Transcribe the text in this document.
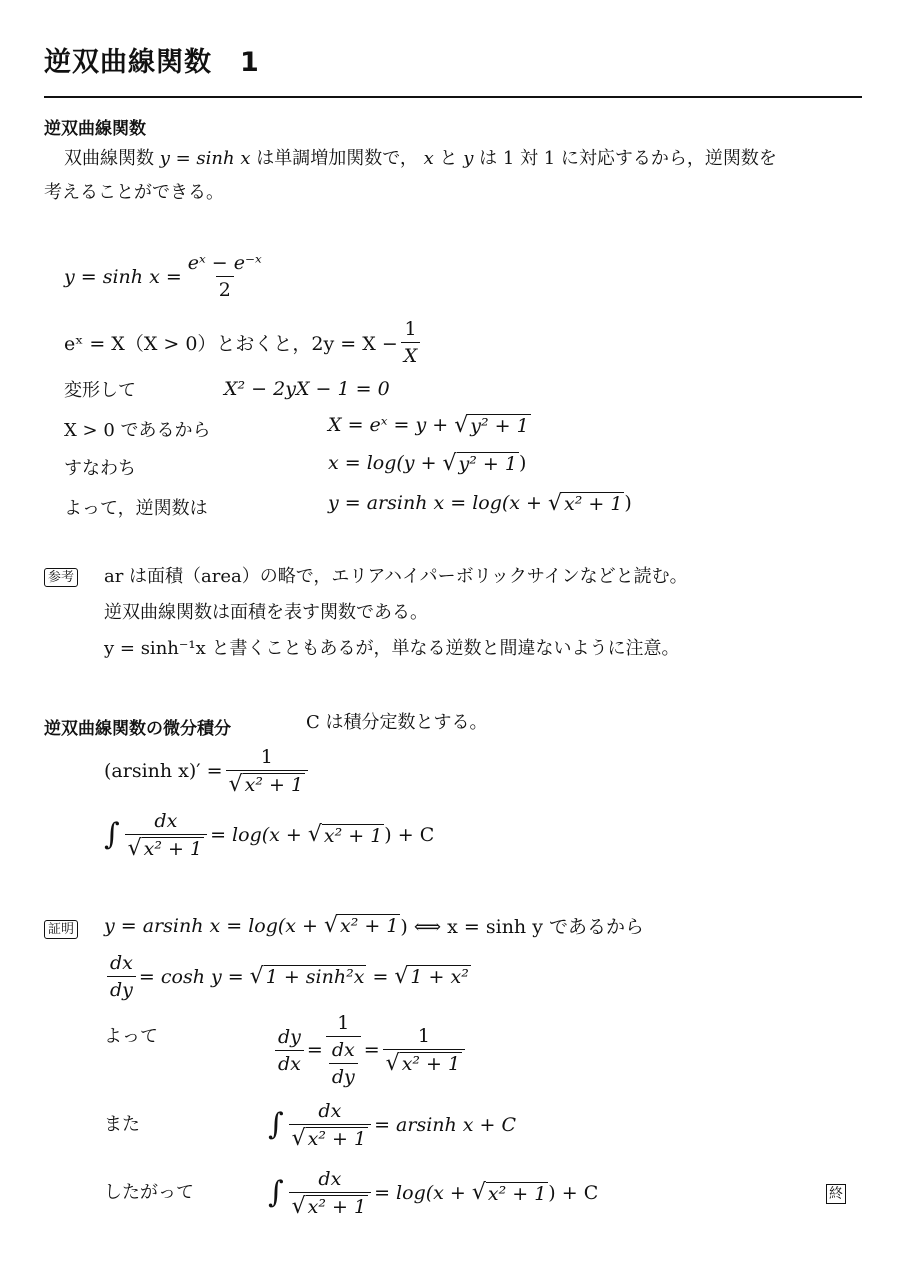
逆双曲線関数　1
逆双曲線関数
双曲線関数 y = sinh x は単調増加関数で， x と y は 1 対 1 に対応するから，逆関数を
考えることができる。
$y = \sinh x = \frac{\text{eˣ − e⁻ˣ}}{2}$
eˣ = X（X > 0）とおくと，$2y = X - \frac{1}{X}$
変形して	X² − 2yX − 1 = 0
X > 0 であるから	X = eˣ = y + √ y² + 1
すなわち	x = log(y + √ y² + 1 )
よって，逆関数は	y = arsinh x = log(x + √ x² + 1 )
参考 ar は面積（area）の略で，エリアハイパーボリックサインなどと読む。
逆双曲線関数は面積を表す関数である。
y = sinh⁻¹x と書くこともあるが，単なる逆数と間違ないように注意。
逆双曲線関数の微分積分	C は積分定数とする。
(arsinh $x)' = \frac{1}{\text{√ x² + 1}}$
∫ $\frac{dx}{\text{√ x² + 1}} = \log(x$ + √ x² + 1 ) + C
証明 y = arsinh x = log(x + √ x² + 1 ) ⟺ x = sinh y であるから
$\frac{dx}{dy} = \cosh y$ = √ 1 + sinh²x = √ 1 + x²
よって	$\frac{dy}{dx} = \frac{1}{\frac{dx}{dy}} = \frac{1}{\text{√ x² + 1}}$
また	∫ $\frac{dx}{\text{√ x² + 1}} = arsinh$ x + C
したがって ∫ $\frac{dx}{\text{√ x² + 1}} = \log(x$ + √ x² + 1 ) + C	終
